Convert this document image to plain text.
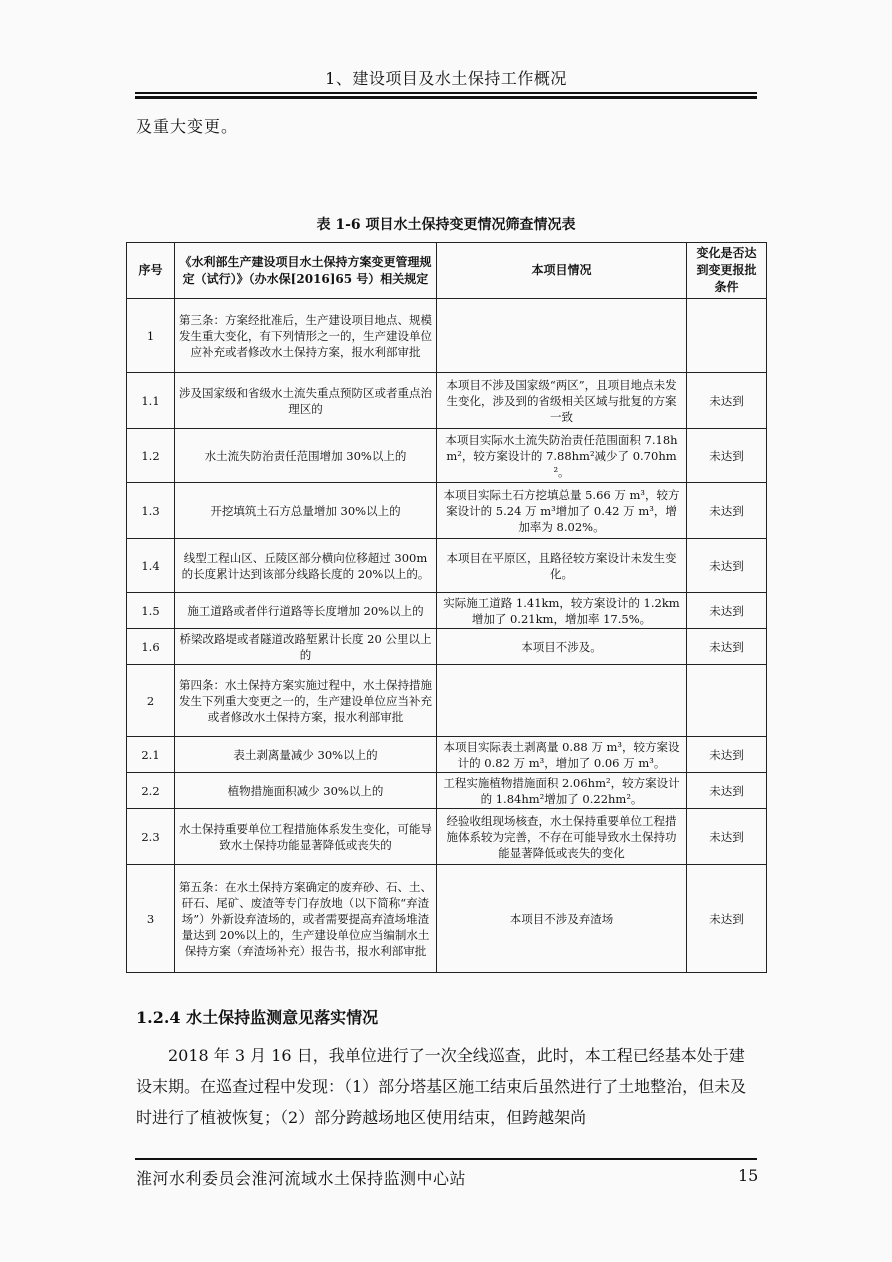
1、建设项目及水土保持工作概况
及重大变更。
表 1-6 项目水土保持变更情况筛查情况表
序号	《水利部生产建设项目水土保持方案变更管理规定（试行）》（办水保[2016]65 号）相关规定	本项目情况	变化是否达到变更报批条件
1	第三条：方案经批准后，生产建设项目地点、规模发生重大变化，有下列情形之一的，生产建设单位应补充或者修改水土保持方案，报水利部审批		
1.1	涉及国家级和省级水土流失重点预防区或者重点治理区的	本项目不涉及国家级“两区”，且项目地点未发生变化，涉及到的省级相关区域与批复的方案一致	未达到
1.2	水土流失防治责任范围增加 30%以上的	本项目实际水土流失防治责任范围面积 7.18hm²，较方案设计的 7.88hm²减少了 0.70hm²。	未达到
1.3	开挖填筑土石方总量增加 30%以上的	本项目实际土石方挖填总量 5.66 万 m³，较方案设计的 5.24 万 m³增加了 0.42 万 m³，增加率为 8.02%。	未达到
1.4	线型工程山区、丘陵区部分横向位移超过 300m 的长度累计达到该部分线路长度的 20%以上的。	本项目在平原区，且路径较方案设计未发生变化。	未达到
1.5	施工道路或者伴行道路等长度增加 20%以上的	实际施工道路 1.41km，较方案设计的 1.2km 增加了 0.21km，增加率 17.5%。	未达到
1.6	桥梁改路堤或者隧道改路堑累计长度 20 公里以上的	本项目不涉及。	未达到
2	第四条：水土保持方案实施过程中，水土保持措施发生下列重大变更之一的，生产建设单位应当补充或者修改水土保持方案，报水利部审批		
2.1	表土剥离量减少 30%以上的	本项目实际表土剥离量 0.88 万 m³，较方案设计的 0.82 万 m³，增加了 0.06 万 m³。	未达到
2.2	植物措施面积减少 30%以上的	工程实施植物措施面积 2.06hm²，较方案设计的 1.84hm²增加了 0.22hm²。	未达到
2.3	水土保持重要单位工程措施体系发生变化，可能导致水土保持功能显著降低或丧失的	经验收组现场核查，水土保持重要单位工程措施体系较为完善，不存在可能导致水土保持功能显著降低或丧失的变化	未达到
3	第五条：在水土保持方案确定的废弃砂、石、土、矸石、尾矿、废渣等专门存放地（以下简称“弃渣场”）外新设弃渣场的，或者需要提高弃渣场堆渣量达到 20%以上的，生产建设单位应当编制水土保持方案（弃渣场补充）报告书，报水利部审批	本项目不涉及弃渣场	未达到
1.2.4 水土保持监测意见落实情况
2018 年 3 月 16 日，我单位进行了一次全线巡查，此时，本工程已经基本处于建设末期。在巡查过程中发现：（1）部分塔基区施工结束后虽然进行了土地整治，但未及时进行了植被恢复；（2）部分跨越场地区使用结束，但跨越架尚
淮河水利委员会淮河流域水土保持监测中心站	15
